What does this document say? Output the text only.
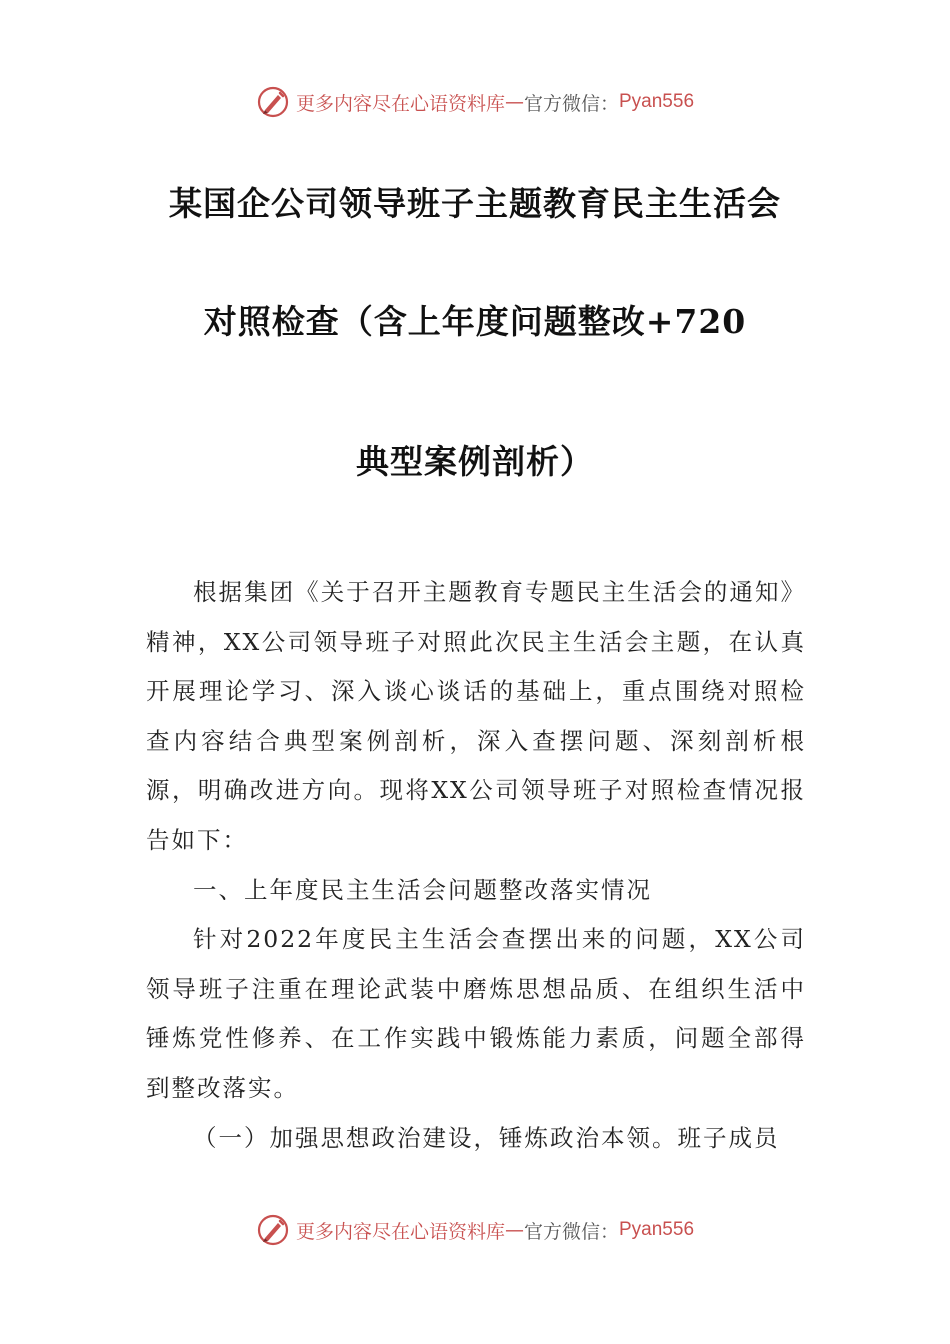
更多内容尽在心语资料库 — 官方微信： Pyan556
某国企公司领导班子主题教育民主生活会
对照检查（含上年度问题整改+720
典型案例剖析）

根据集团《关于召开主题教育专题民主生活会的通知》精神，XX公司领导班子对照此次民主生活会主题，在认真开展理论学习、深入谈心谈话的基础上，重点围绕对照检查内容结合典型案例剖析，深入查摆问题、深刻剖析根源，明确改进方向。现将XX公司领导班子对照检查情况报告如下：

一、上年度民主生活会问题整改落实情况

针对2022年度民主生活会查摆出来的问题，XX公司领导班子注重在理论武装中磨炼思想品质、在组织生活中锤炼党性修养、在工作实践中锻炼能力素质，问题全部得到整改落实。

（一）加强思想政治建设，锤炼政治本领。班子成员

更多内容尽在心语资料库 — 官方微信： Pyan556
